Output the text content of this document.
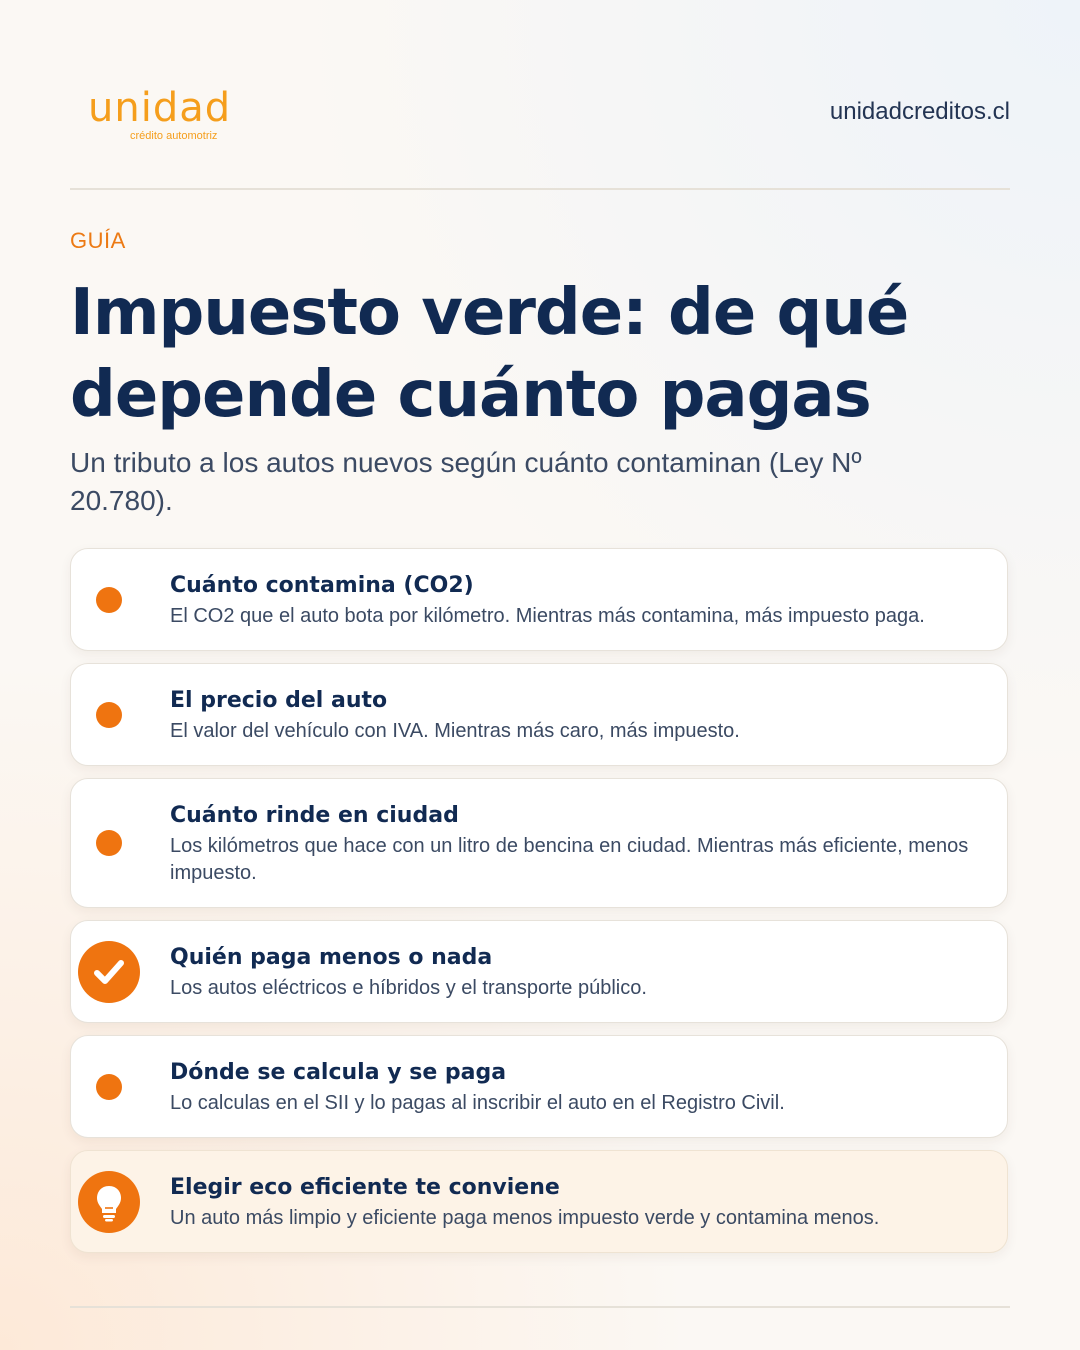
unidad
crédito automotriz
unidadcreditos.cl
GUÍA
Impuesto verde: de qué depende cuánto pagas

Un tributo a los autos nuevos según cuánto contaminan (Ley Nº 20.780).

Cuánto contamina (CO2)
El CO2 que el auto bota por kilómetro. Mientras más contamina, más impuesto paga.
El precio del auto
El valor del vehículo con IVA. Mientras más caro, más impuesto.
Cuánto rinde en ciudad
Los kilómetros que hace con un litro de bencina en ciudad. Mientras más eficiente, menos impuesto.
Quién paga menos o nada
Los autos eléctricos e híbridos y el transporte público.
Dónde se calcula y se paga
Lo calculas en el SII y lo pagas al inscribir el auto en el Registro Civil.
Elegir eco eficiente te conviene
Un auto más limpio y eficiente paga menos impuesto verde y contamina menos.
